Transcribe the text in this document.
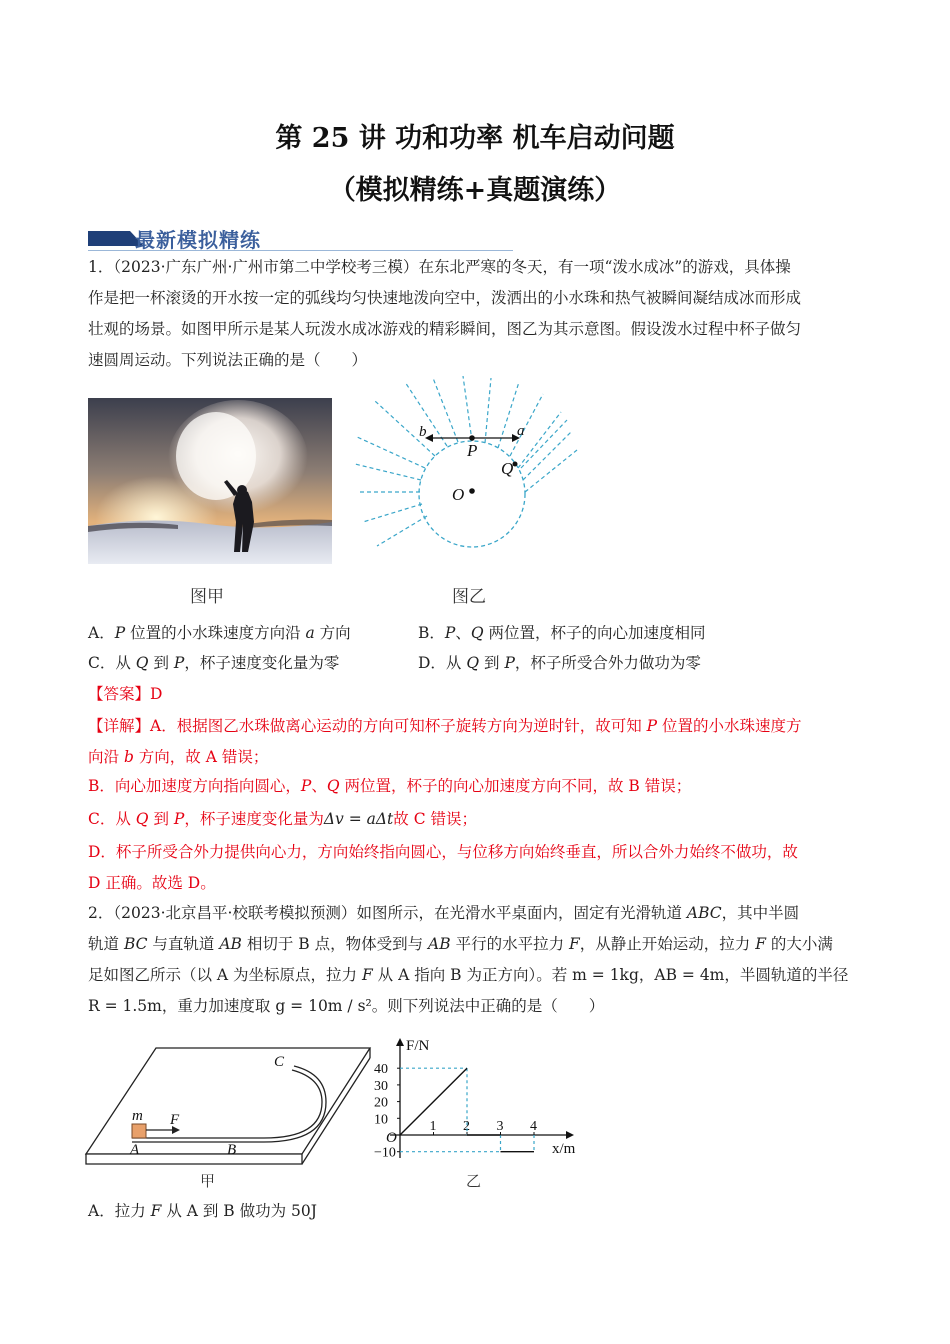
第 25 讲 功和功率 机车启动问题
（模拟精练+真题演练）
最新模拟精练
1．（2023·广东广州·广州市第二中学校考三模）在东北严寒的冬天，有一项“泼水成冰”的游戏，具体操
作是把一杯滚烫的开水按一定的弧线均匀快速地泼向空中，泼洒出的小水珠和热气被瞬间凝结成冰而形成
壮观的场景。如图甲所示是某人玩泼水成冰游戏的精彩瞬间，图乙为其示意图。假设泼水过程中杯子做匀
速圆周运动。下列说法正确的是（　　）
图甲
b	a
P
Q
O
图乙
A．P 位置的小水珠速度方向沿 a 方向	B．P、Q 两位置，杯子的向心加速度相同
C．从 Q 到 P，杯子速度变化量为零	D．从 Q 到 P，杯子所受合外力做功为零
【答案】D
【详解】A．根据图乙水珠做离心运动的方向可知杯子旋转方向为逆时针，故可知 P 位置的小水珠速度方
向沿 b 方向，故 A 错误；
B．向心加速度方向指向圆心，P、Q 两位置，杯子的向心加速度方向不同，故 B 错误；
C．从 Q 到 P，杯子速度变化量为Δv = aΔt故 C 错误；
D．杯子所受合外力提供向心力，方向始终指向圆心，与位移方向始终垂直，所以合外力始终不做功，故
D 正确。故选 D。
2．（2023·北京昌平·校联考模拟预测）如图所示，在光滑水平桌面内，固定有光滑轨道 ABC，其中半圆
轨道 BC 与直轨道 AB 相切于 B 点，物体受到与 AB 平行的水平拉力 F，从静止开始运动，拉力 F 的大小满
足如图乙所示（以 A 为坐标原点，拉力 F 从 A 指向 B 为正方向）。若 m = 1kg，AB = 4m，半圆轨道的半径
R = 1.5m，重力加速度取 g = 10m / s²。则下列说法中正确的是（　　）
m F
A	B
C
甲
F/N
x/m
O
40
30
20
10
−10
1 2 3 4
乙
A．拉力 F 从 A 到 B 做功为 50J
